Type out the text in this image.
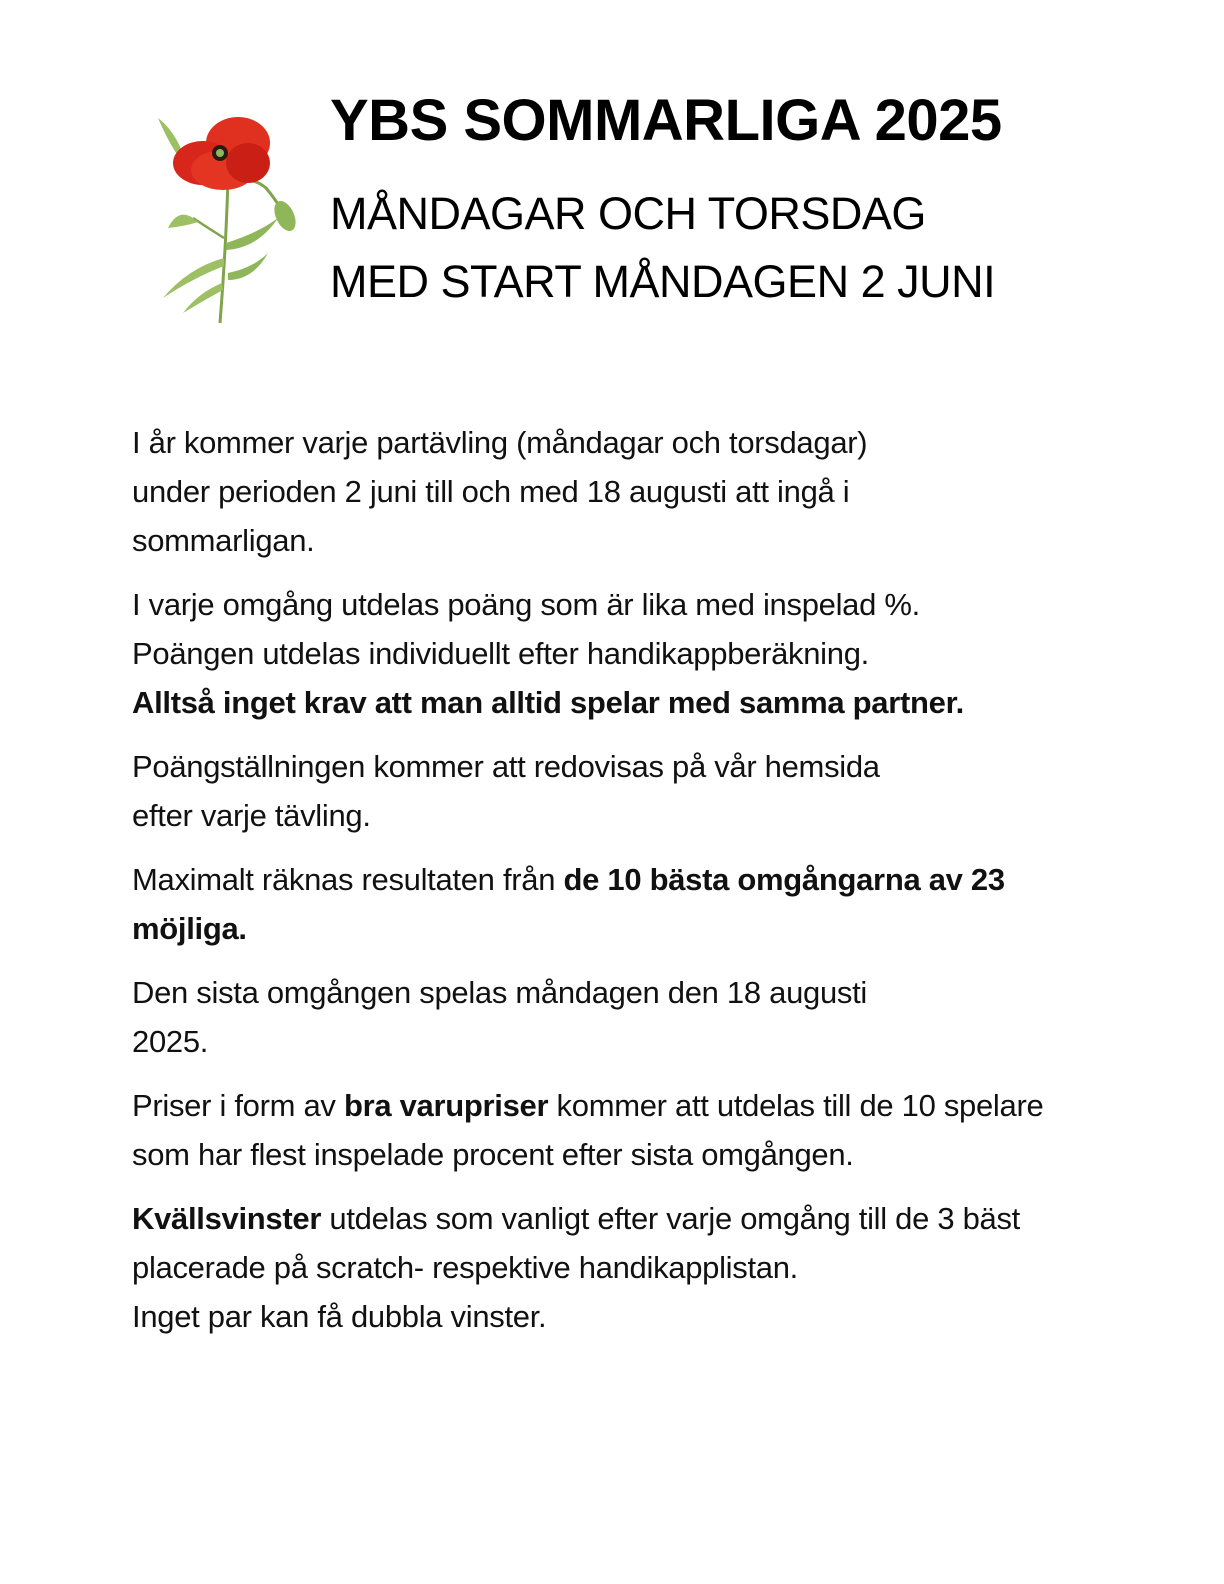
YBS SOMMARLIGA 2025
MÅNDAGAR OCH TORSDAG
MED START MÅNDAGEN 2 JUNI

I år kommer varje partävling (måndagar och torsdagar)
under perioden 2 juni till och med 18 augusti att ingå i
sommarligan.

I varje omgång utdelas poäng som är lika med inspelad %.
Poängen utdelas individuellt efter handikappberäkning.
Alltså inget krav att man alltid spelar med samma partner.

Poängställningen kommer att redovisas på vår hemsida
efter varje tävling.

Maximalt räknas resultaten från de 10 bästa omgångarna av 23 möjliga.

Den sista omgången spelas måndagen den 18 augusti
2025.

Priser i form av bra varupriser kommer att utdelas till de 10 spelare som har flest inspelade procent efter sista omgången.

Kvällsvinster utdelas som vanligt efter varje omgång till de 3 bäst placerade på scratch- respektive handikapplistan.
Inget par kan få dubbla vinster.
